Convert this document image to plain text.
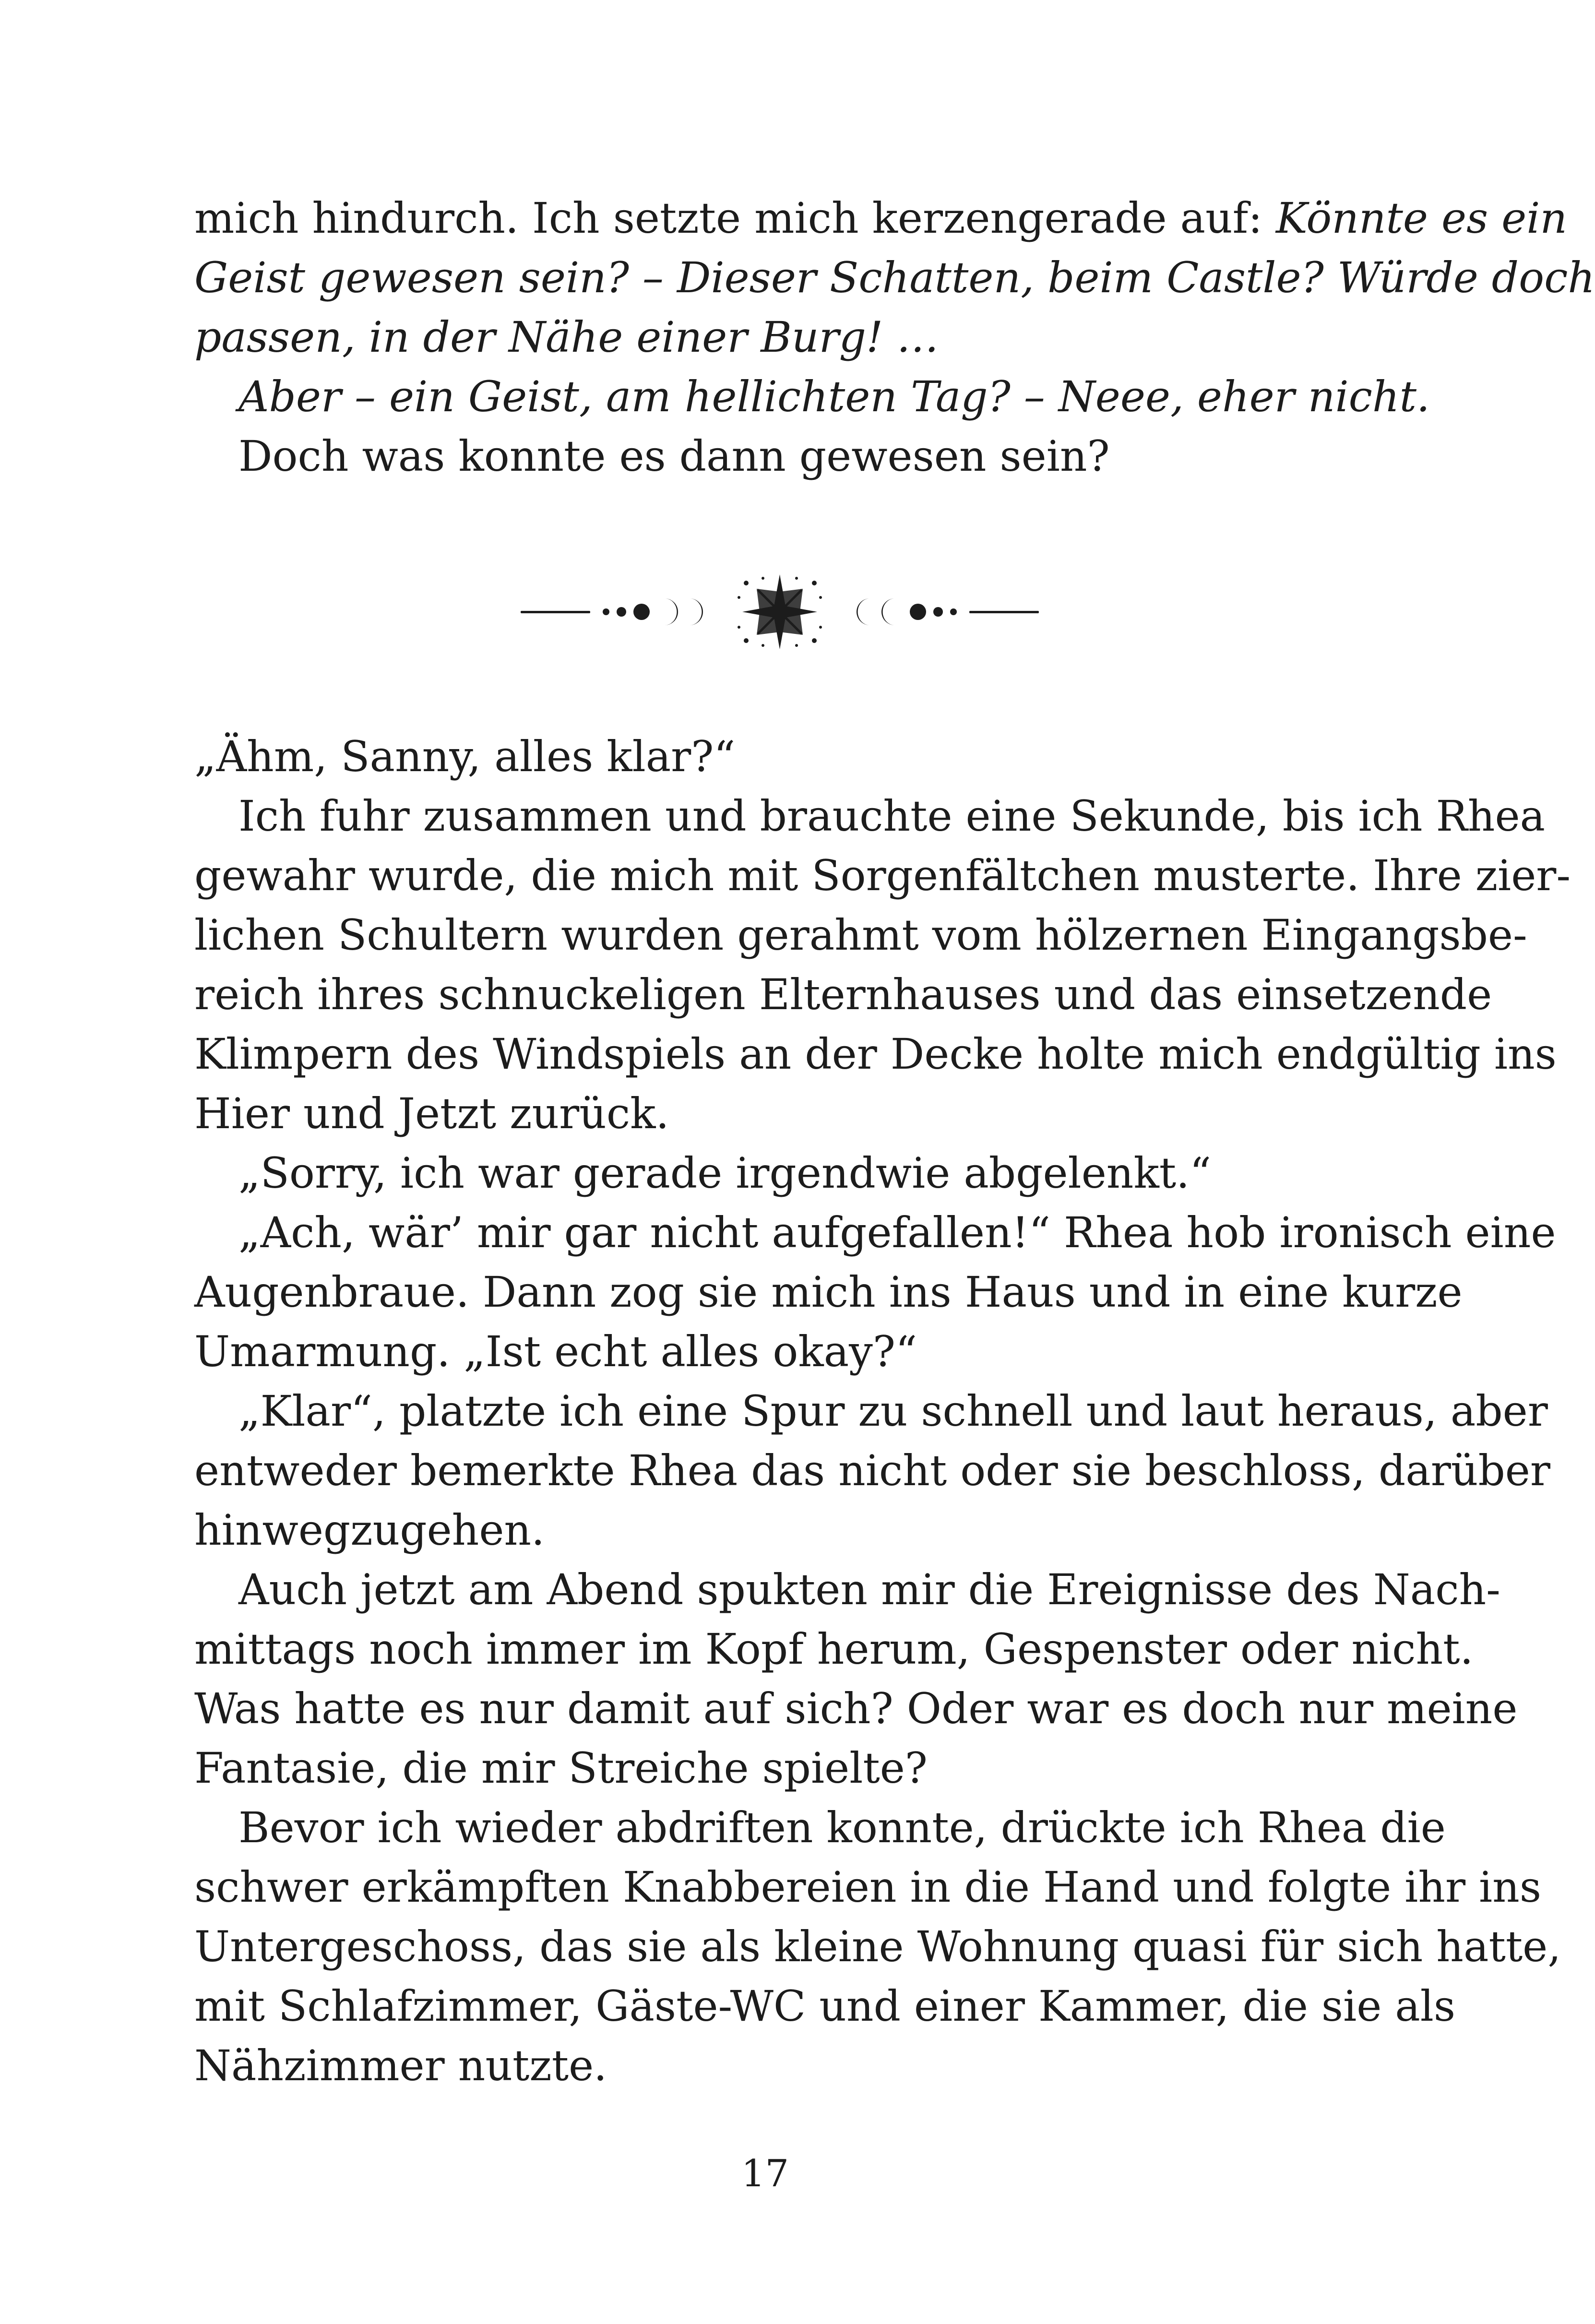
mich hindurch. Ich setzte mich kerzengerade auf: Könnte es ein
Geist gewesen sein? – Dieser Schatten, beim Castle? Würde doch
passen, in der Nähe einer Burg! …
Aber – ein Geist, am hellichten Tag? – Neee, eher nicht.
Doch was konnte es dann gewesen sein?
„Ähm, Sanny, alles klar?“
Ich fuhr zusammen und brauchte eine Sekunde, bis ich Rhea
gewahr wurde, die mich mit Sorgenfältchen musterte. Ihre zier-
lichen Schultern wurden gerahmt vom hölzernen Eingangsbe-
reich ihres schnuckeligen Elternhauses und das einsetzende
Klimpern des Windspiels an der Decke holte mich endgültig ins
Hier und Jetzt zurück.
„Sorry, ich war gerade irgendwie abgelenkt.“
„Ach, wär’ mir gar nicht aufgefallen!“ Rhea hob ironisch eine
Augenbraue. Dann zog sie mich ins Haus und in eine kurze
Umarmung. „Ist echt alles okay?“
„Klar“, platzte ich eine Spur zu schnell und laut heraus, aber
entweder bemerkte Rhea das nicht oder sie beschloss, darüber
hinwegzugehen.
Auch jetzt am Abend spukten mir die Ereignisse des Nach-
mittags noch immer im Kopf herum, Gespenster oder nicht.
Was hatte es nur damit auf sich? Oder war es doch nur meine
Fantasie, die mir Streiche spielte?
Bevor ich wieder abdriften konnte, drückte ich Rhea die
schwer erkämpften Knabbereien in die Hand und folgte ihr ins
Untergeschoss, das sie als kleine Wohnung quasi für sich hatte,
mit Schlafzimmer, Gäste-WC und einer Kammer, die sie als
Nähzimmer nutzte.
17
